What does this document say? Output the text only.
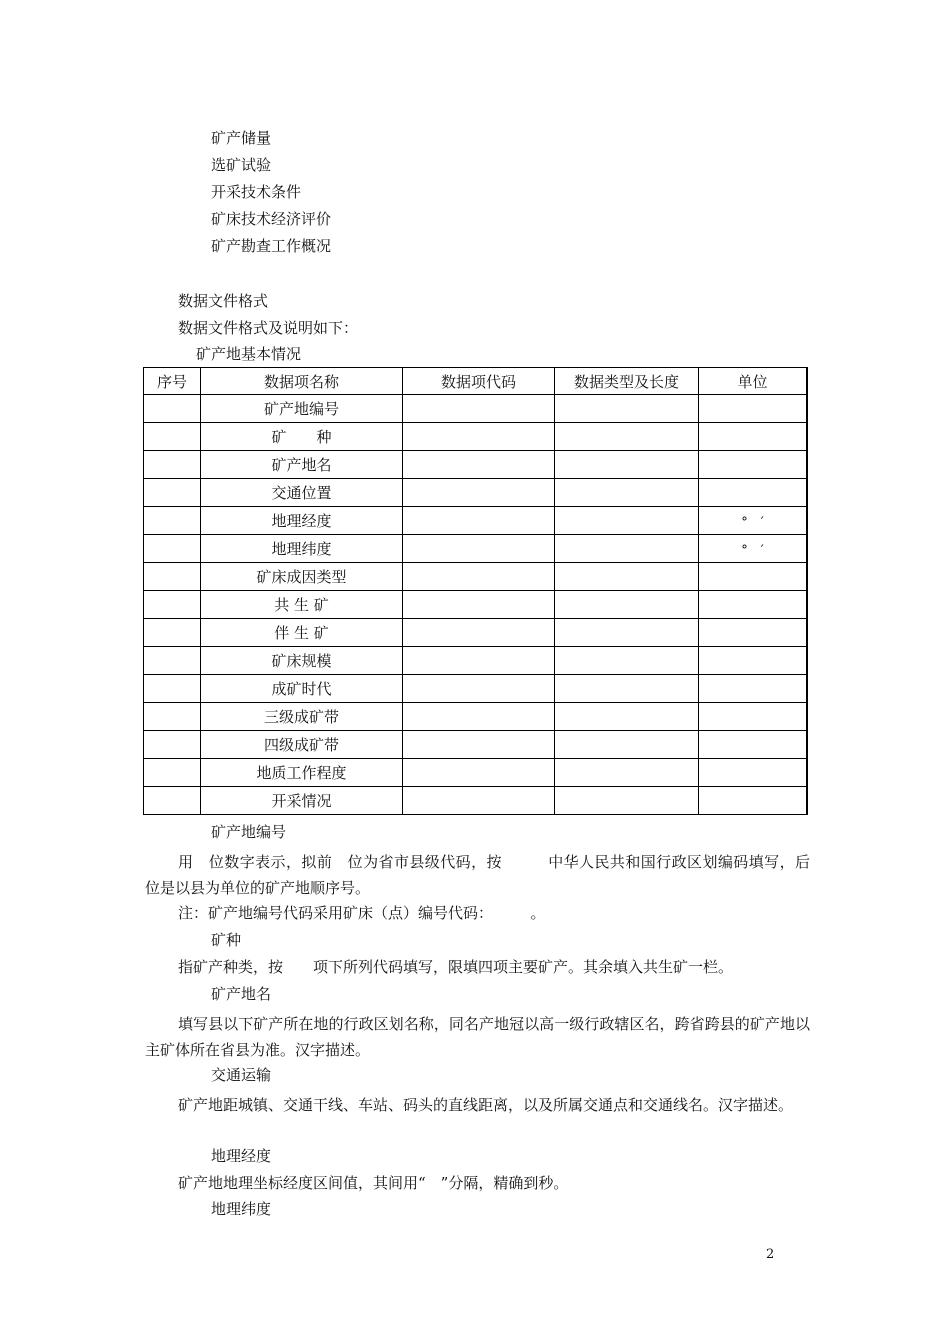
矿产储量
选矿试验
开采技术条件
矿床技术经济评价
矿产勘查工作概况
数据文件格式
数据文件格式及说明如下：
矿产地基本情况
序号	数据项名称	数据项代码	数据类型及长度	单位
	矿产地编号			
	矿　　种			
	矿产地名			
	交通位置			
	地理经度			°　′
	地理纬度			°　′
	矿床成因类型			
	共 生 矿			
	伴 生 矿			
	矿床规模			
	成矿时代			
	三级成矿带			
	四级成矿带			
	地质工作程度			
	开采情况			
矿产地编号
用　位数字表示，拟前　位为省市县级代码，按　　　中华人民共和国行政区划编码填写，后　位是以县为单位的矿产地顺序号。
注：矿产地编号代码采用矿床（点）编号代码：　　　。
矿种
指矿产种类，按　　项下所列代码填写，限填四项主要矿产。其余填入共生矿一栏。
矿产地名
填写县以下矿产所在地的行政区划名称，同名产地冠以高一级行政辖区名，跨省跨县的矿产地以主矿体所在省县为准。汉字描述。
交通运输
矿产地距城镇、交通干线、车站、码头的直线距离，以及所属交通点和交通线名。汉字描述。
地理经度
矿产地地理坐标经度区间值，其间用“　”分隔，精确到秒。
地理纬度
2
